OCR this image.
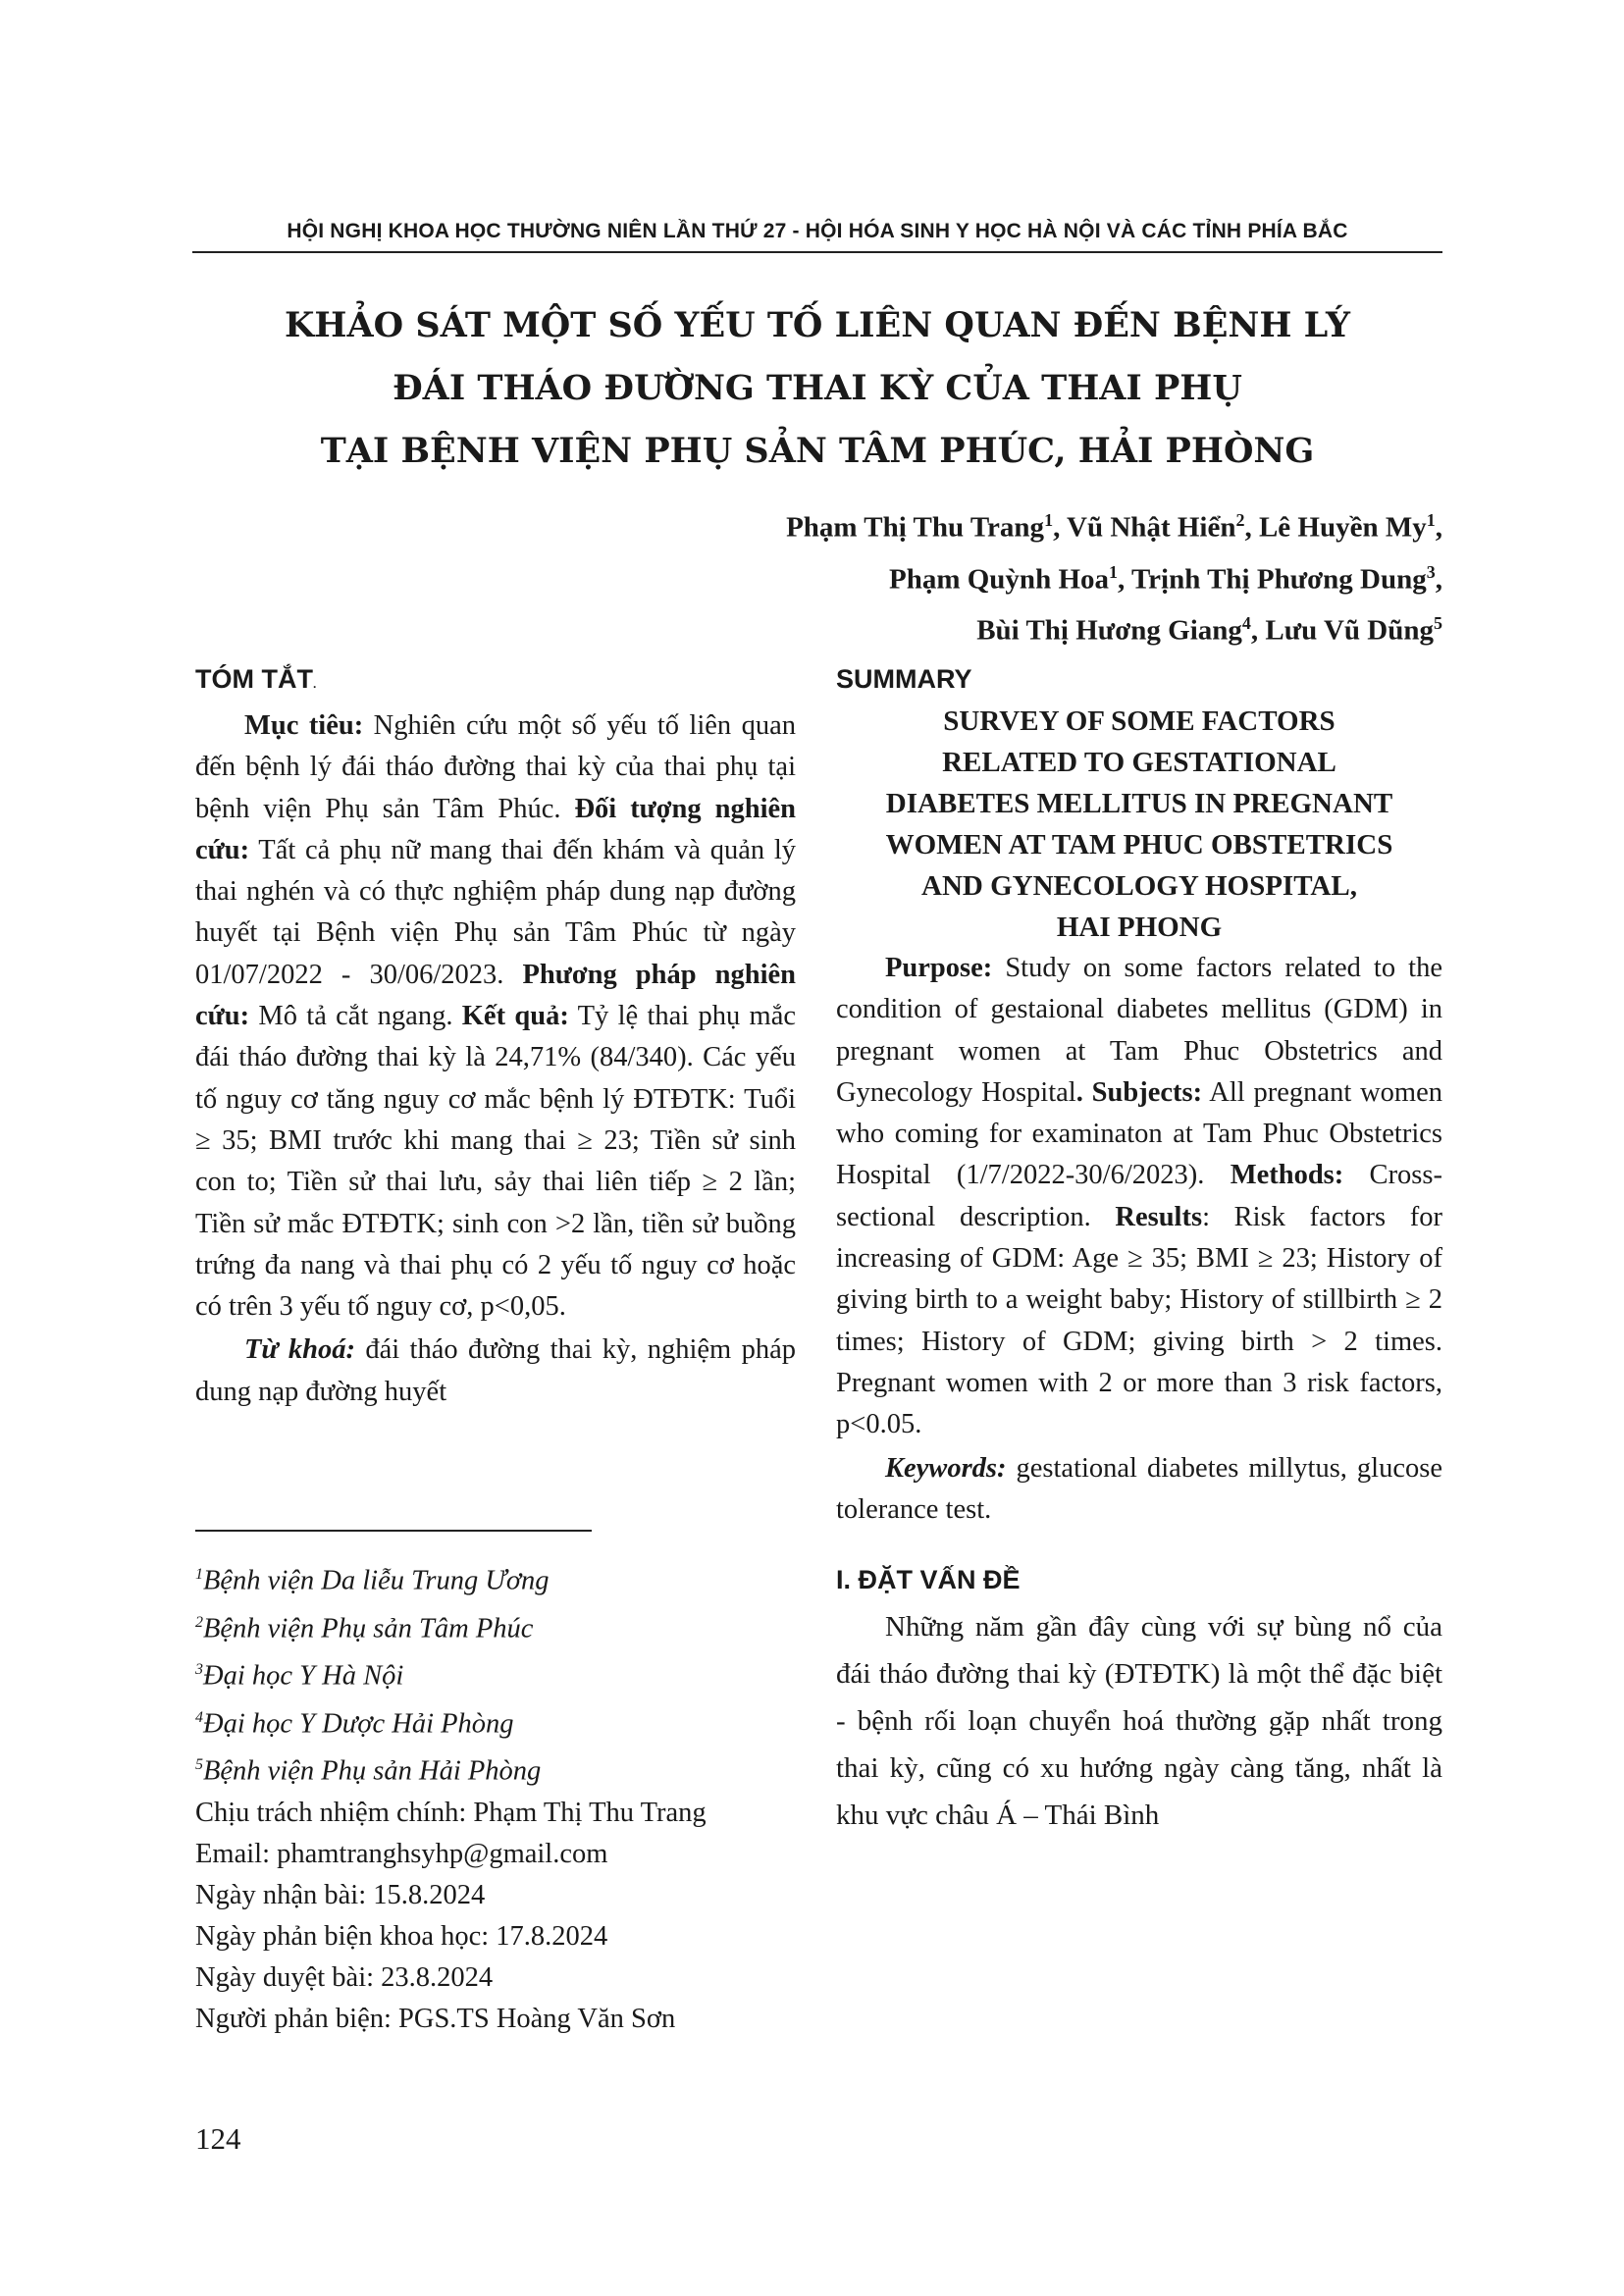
HỘI NGHỊ KHOA HỌC THƯỜNG NIÊN LẦN THỨ 27 - HỘI HÓA SINH Y HỌC HÀ NỘI VÀ CÁC TỈNH PHÍA BẮC
KHẢO SÁT MỘT SỐ YẾU TỐ LIÊN QUAN ĐẾN BỆNH LÝ
ĐÁI THÁO ĐƯỜNG THAI KỲ CỦA THAI PHỤ
TẠI BỆNH VIỆN PHỤ SẢN TÂM PHÚC, HẢI PHÒNG
Phạm Thị Thu Trang$^1$, Vũ Nhật Hiển$^2$, Lê Huyền My$^1$,
Phạm Quỳnh Hoa$^1$, Trịnh Thị Phương Dung$^3$,
Bùi Thị Hương Giang$^4$, Lưu Vũ Dũng$^5$
TÓM TẮT.

Mục tiêu: Nghiên cứu một số yếu tố liên quan đến bệnh lý đái tháo đường thai kỳ của thai phụ tại bệnh viện Phụ sản Tâm Phúc. Đối tượng nghiên cứu: Tất cả phụ nữ mang thai đến khám và quản lý thai nghén và có thực nghiệm pháp dung nạp đường huyết tại Bệnh viện Phụ sản Tâm Phúc từ ngày 01/07/2022 - 30/06/2023. Phương pháp nghiên cứu: Mô tả cắt ngang. Kết quả: Tỷ lệ thai phụ mắc đái tháo đường thai kỳ là 24,71% (84/340). Các yếu tố nguy cơ tăng nguy cơ mắc bệnh lý ĐTĐTK: Tuổi ≥ 35; BMI trước khi mang thai ≥ 23; Tiền sử sinh con to; Tiền sử thai lưu, sảy thai liên tiếp ≥ 2 lần; Tiền sử mắc ĐTĐTK; sinh con >2 lần, tiền sử buồng trứng đa nang và thai phụ có 2 yếu tố nguy cơ hoặc có trên 3 yếu tố nguy cơ, p<0,05.

Từ khoá: đái tháo đường thai kỳ, nghiệm pháp dung nạp đường huyết

$^1$Bệnh viện Da liễu Trung Ương
$^2$Bệnh viện Phụ sản Tâm Phúc
$^3$Đại học Y Hà Nội
$^4$Đại học Y Dược Hải Phòng
$^5$Bệnh viện Phụ sản Hải Phòng
Chịu trách nhiệm chính: Phạm Thị Thu Trang
Email: phamtranghsyhp@gmail.com
Ngày nhận bài: 15.8.2024
Ngày phản biện khoa học: 17.8.2024
Ngày duyệt bài: 23.8.2024
Người phản biện: PGS.TS Hoàng Văn Sơn
SUMMARY
SURVEY OF SOME FACTORS
RELATED TO GESTATIONAL
DIABETES MELLITUS IN PREGNANT
WOMEN AT TAM PHUC OBSTETRICS
AND GYNECOLOGY HOSPITAL,
HAI PHONG

Purpose: Study on some factors related to the condition of gestaional diabetes mellitus (GDM) in pregnant women at Tam Phuc Obstetrics and Gynecology Hospital. Subjects: All pregnant women who coming for examinaton at Tam Phuc Obstetrics Hospital (1/7/2022-30/6/2023). Methods: Cross-sectional description. Results: Risk factors for increasing of GDM: Age ≥ 35; BMI ≥ 23; History of giving birth to a weight baby; History of stillbirth ≥ 2 times; History of GDM; giving birth > 2 times. Pregnant women with 2 or more than 3 risk factors, p<0.05.

Keywords: gestational diabetes millytus, glucose tolerance test.

I. ĐẶT VẤN ĐỀ

Những năm gần đây cùng với sự bùng nổ của đái tháo đường thai kỳ (ĐTĐTK) là một thể đặc biệt - bệnh rối loạn chuyển hoá thường gặp nhất trong thai kỳ, cũng có xu hướng ngày càng tăng, nhất là khu vực châu Á – Thái Bình

124
